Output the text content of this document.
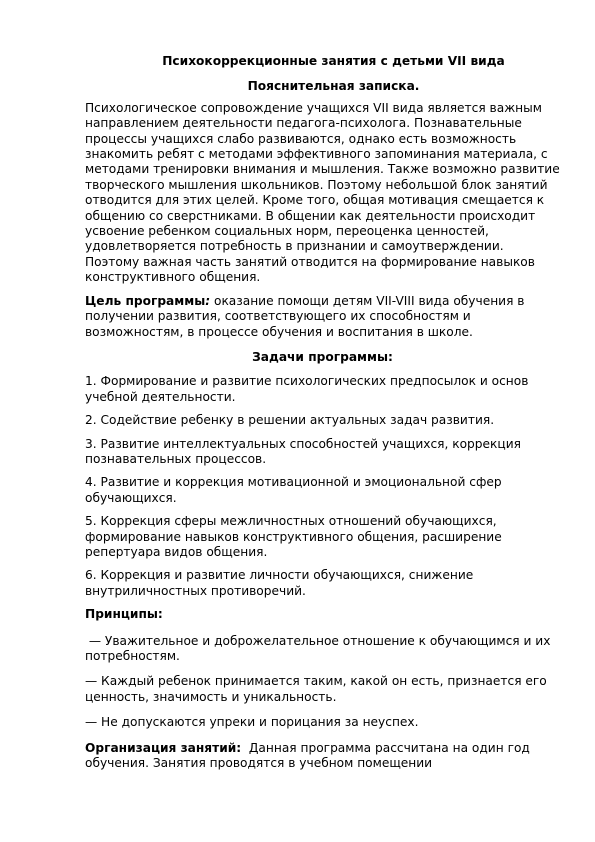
Психокоррекционные занятия с детьми VII вида

Пояснительная записка.

Психологическое сопровождение учащихся VII вида является важным направлением деятельности педагога-психолога. Познавательные процессы учащихся слабо развиваются, однако есть возможность знакомить ребят с методами эффективного запоминания материала, с методами тренировки внимания и мышления. Также возможно развитие творческого мышления школьников. Поэтому небольшой блок занятий отводится для этих целей. Кроме того, общая мотивация смещается к общению со сверстниками. В общении как деятельности происходит усвоение ребенком социальных норм, переоценка ценностей, удовлетворяется потребность в признании и самоутверждении. Поэтому важная часть занятий отводится на формирование навыков конструктивного общения.

Цель программы: оказание помощи детям VII-VIII вида обучения в получении развития, соответствующего их способностям и возможностям, в процессе обучения и воспитания в школе.

Задачи программы:

1. Формирование и развитие психологических предпосылок и основ учебной деятельности.

2. Содействие ребенку в решении актуальных задач развития.

3. Развитие интеллектуальных способностей учащихся, коррекция познавательных процессов.

4. Развитие и коррекция мотивационной и эмоциональной сфер обучающихся.

5. Коррекция сферы межличностных отношений обучающихся, формирование навыков конструктивного общения, расширение репертуара видов общения.

6. Коррекция и развитие личности обучающихся, снижение внутриличностных противоречий.

Принципы:

— Уважительное и доброжелательное отношение к обучающимся и их потребностям.

— Каждый ребенок принимается таким, какой он есть, признается его ценность, значимость и уникальность.

— Не допускаются упреки и порицания за неуспех.

Организация занятий:  Данная программа рассчитана на один год обучения. Занятия проводятся в учебном помещении
